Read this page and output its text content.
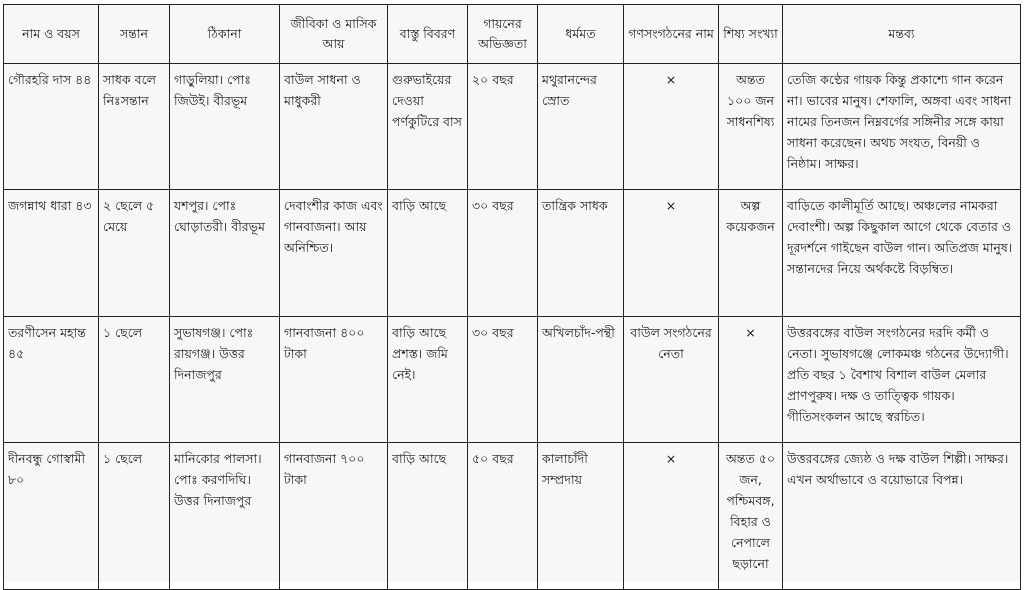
নাম ও বয়স	সন্তান	ঠিকানা	জীবিকা ও মাসিক আয়	বাস্তু বিবরণ	গায়নের অভিজ্ঞতা	ধর্মমত	গণসংগঠনের নাম	শিষ্য সংখ্যা	মন্তব্য
গৌরহরি দাস ৪৪	সাধক বলে নিঃসন্তান	গাড়ুলিয়া। পোঃ জিউই। বীরভূম	বাউল সাধনা ও মাধুকরী	গুরুভাইয়ের দেওয়া পর্ণকুটিরে বাস	২০ বছর	মথুরানন্দের স্রোত	×	অন্তত ১০০ জন সাধনশিষ্য	তেজি কণ্ঠের গায়ক কিন্তু প্রকাশ্যে গান করেন না। ভাবের মানুষ। শেফালি, অঙ্গবা এবং সাধনা নামের তিনজন নিম্নবর্গের সঙ্গিনীর সঙ্গে কায়া সাধনা করেছেন। অথচ সংযত, বিনয়ী ও নিষ্ঠাম। সাক্ষর।
জগন্নাথ ধারা ৪৩	২ ছেলে ৫ মেয়ে	যশপুর। পোঃ ঘোড়াতরী। বীরভূম	দেবাংশীর কাজ এবং গানবাজনা। আয় অনিশ্চিত।	বাড়ি আছে	৩০ বছর	তান্ত্রিক সাধক	×	অল্প কয়েকজন	বাড়িতে কালীমূর্তি আছে। অঞ্চলের নামকরা দেবাংশী। অল্প কিছুকাল আগে থেকে বেতার ও দূরদর্শনে গাইছেন বাউল গান। অতিপ্রজ মানুষ। সন্তানদের নিয়ে অর্থকষ্টে বিড়ম্বিত।
তরণীসেন মহান্ত ৪৫	১ ছেলে	সুভাষগঞ্জ। পোঃ রায়গঞ্জ। উত্তর দিনাজপুর	গানবাজনা ৪০০ টাকা	বাড়ি আছে প্রশস্ত। জমি নেই।	৩০ বছর	অখিলচাঁদ-পন্থী	বাউল সংগঠনের নেতা	×	উত্তরবঙ্গের বাউল সংগঠনের দরদি কর্মী ও নেতা। সুভাষগঞ্জে লোকমঞ্চ গঠনের উদ্যোগী। প্রতি বছর ১ বৈশাখ বিশাল বাউল মেলার প্রাণপুরুষ। দক্ষ ও তাত্ত্বিক গায়ক। গীতিসংকলন আছে স্বরচিত।
দীনবন্ধু গোস্বামী ৮০	১ ছেলে	মানিকোর পালসা। পোঃ করণদিঘি। উত্তর দিনাজপুর	গানবাজনা ৭০০ টাকা	বাড়ি আছে	৫০ বছর	কালাচাঁদী সম্প্রদায়	×	অন্তত ৫০ জন, পশ্চিমবঙ্গ, বিহার ও নেপালে ছড়ানো	উত্তরবঙ্গের জ্যেষ্ঠ ও দক্ষ বাউল শিল্পী। সাক্ষর। এখন অর্থাভাবে ও বয়োভারে বিপন্ন।
